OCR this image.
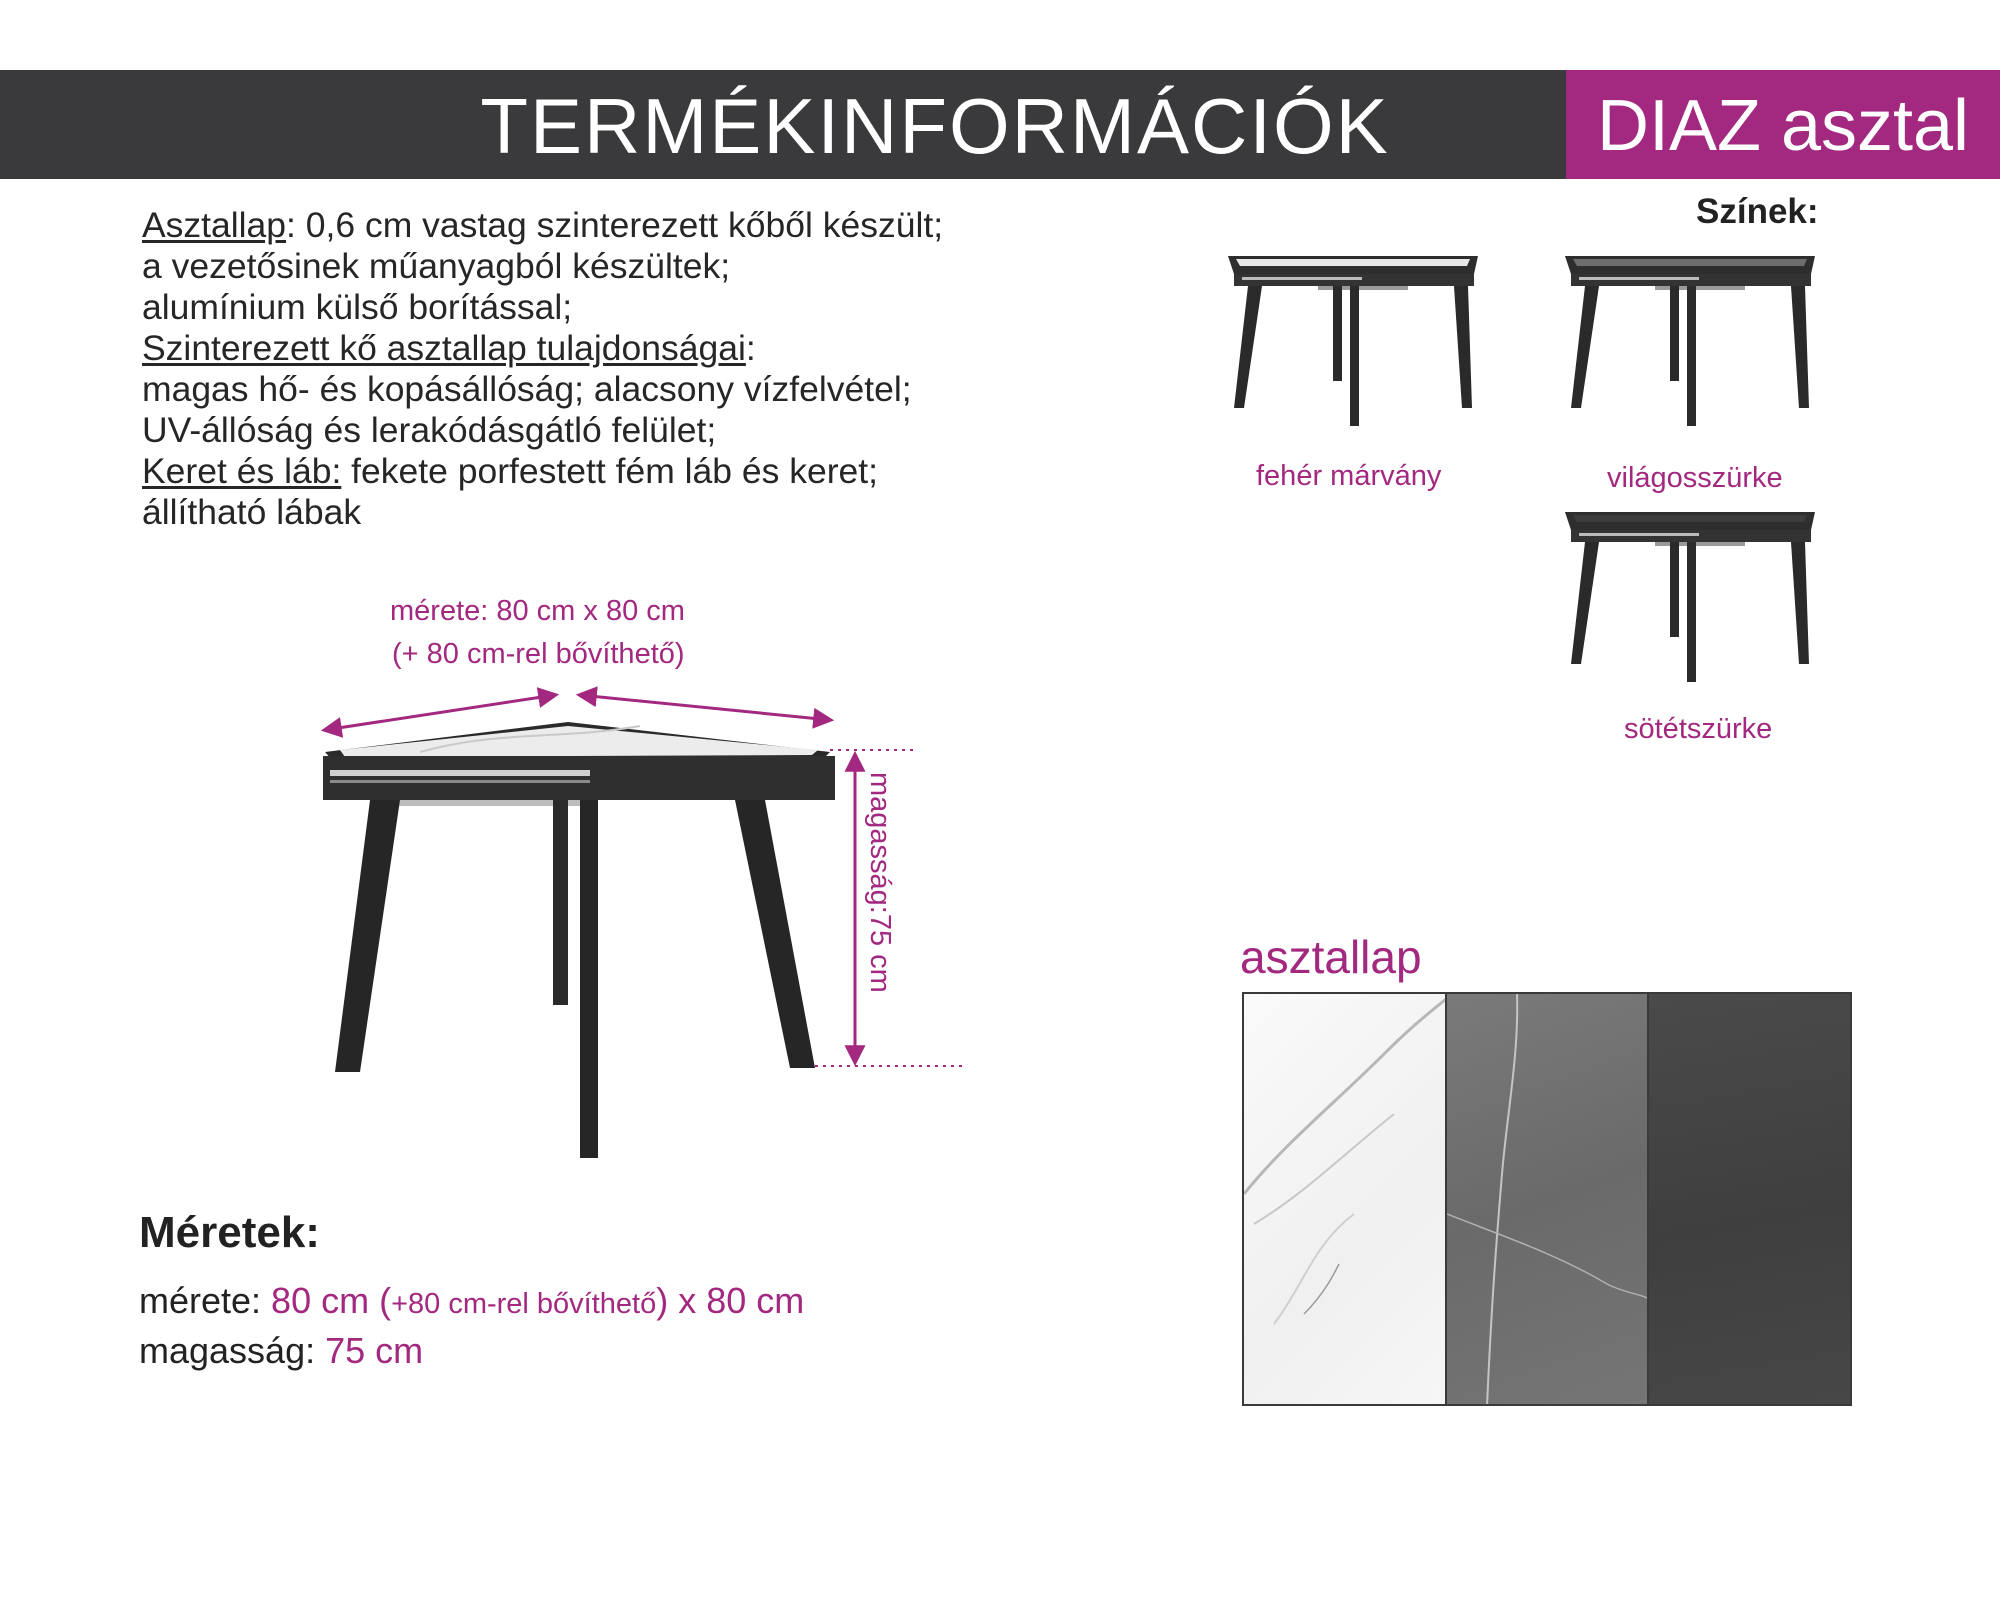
TERMÉKINFORMÁCIÓK	DIAZ asztal
Asztallap: 0,6 cm vastag szinterezett kőből készült;
a vezetősinek műanyagból készültek;
alumínium külső borítással;
Szinterezett kő asztallap tulajdonságai:
magas hő- és kopásállóság; alacsony vízfelvétel;
UV-állóság és lerakódásgátló felület;
Keret és láb: fekete porfestett fém láb és keret;
állítható lábak
Színek:
fehér márvány	világosszürke
sötétszürke
mérete: 80 cm x 80 cm
(+ 80 cm-rel bővíthető)
magasság:75 cm
Méretek:
mérete: 80 cm (+80 cm-rel bővíthető) x 80 cm
magasság: 75 cm
asztallap
